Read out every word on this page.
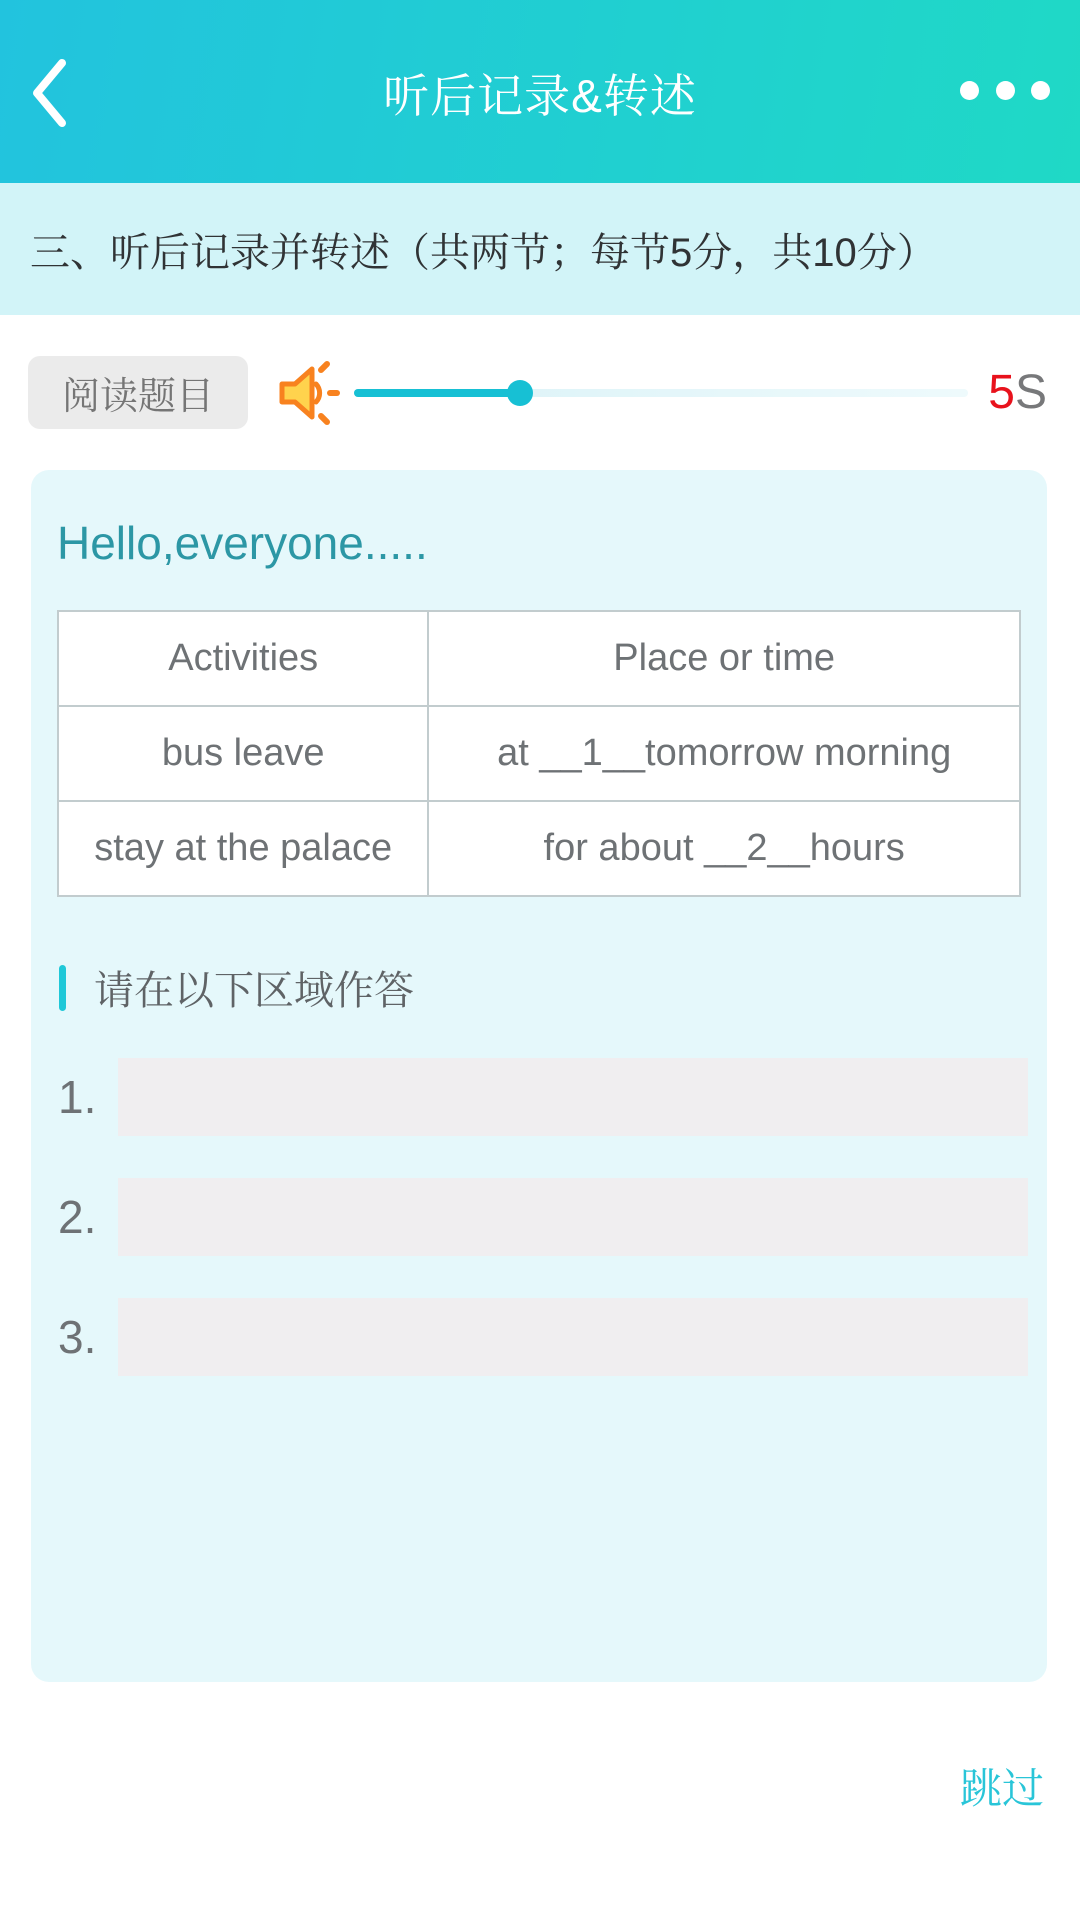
听后记录&转述
三、听后记录并转述（共两节；每节5分，共10分）
阅读题目	5S
Hello,everyone.....
Activities	Place or time
bus leave	at __1__tomorrow morning
stay at the palace	for about __2__hours
请在以下区域作答
1.
2.
3.
跳过
